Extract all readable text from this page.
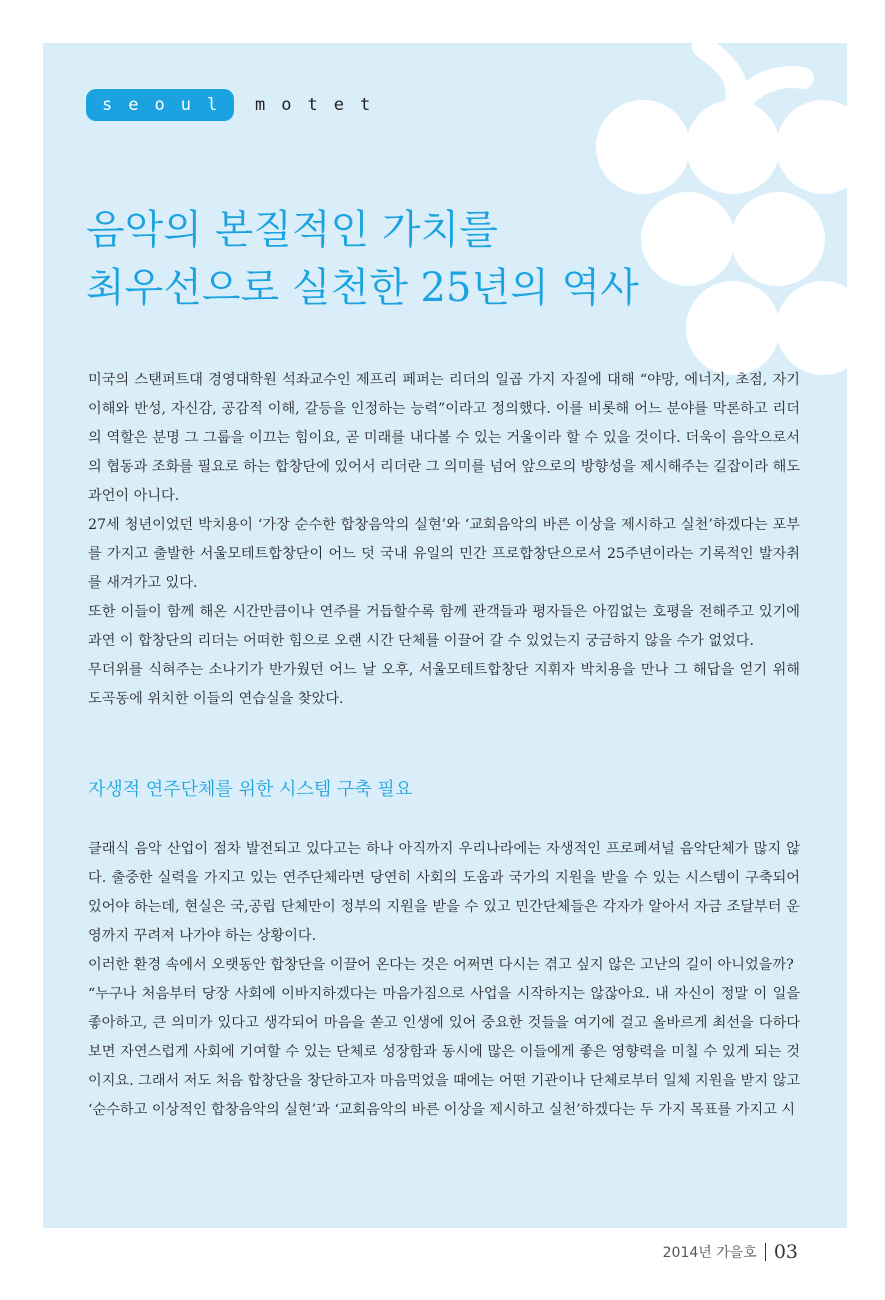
seoul motet
음악의 본질적인 가치를
최우선으로 실천한 25년의 역사

미국의 스탠퍼트대 경영대학원 석좌교수인 제프리 페퍼는 리더의 일곱 가지 자질에 대해 “야망, 에너지, 초점, 자기 이해와 반성, 자신감, 공감적 이해, 갈등을 인정하는 능력”이라고 정의했다. 이를 비롯해 어느 분야를 막론하고 리더의 역할은 분명 그 그룹을 이끄는 힘이요, 곧 미래를 내다볼 수 있는 거울이라 할 수 있을 것이다. 더욱이 음악으로서의 협동과 조화를 필요로 하는 합창단에 있어서 리더란 그 의미를 넘어 앞으로의 방향성을 제시해주는 길잡이라 해도 과언이 아니다.

27세 청년이었던 박치용이 ‘가장 순수한 합창음악의 실현’와 ‘교회음악의 바른 이상을 제시하고 실천’하겠다는 포부를 가지고 출발한 서울모테트합창단이 어느 덧 국내 유일의 민간 프로합창단으로서 25주년이라는 기록적인 발자취를 새겨가고 있다.

또한 이들이 함께 해온 시간만큼이나 연주를 거듭할수록 함께 관객들과 평자들은 아낌없는 호평을 전해주고 있기에 과연 이 합창단의 리더는 어떠한 힘으로 오랜 시간 단체를 이끌어 갈 수 있었는지 궁금하지 않을 수가 없었다.

무더위를 식혀주는 소나기가 반가웠던 어느 날 오후, 서울모테트합창단 지휘자 박치용을 만나 그 해답을 얻기 위해 도곡동에 위치한 이들의 연습실을 찾았다.

자생적 연주단체를 위한 시스템 구축 필요

클래식 음악 산업이 점차 발전되고 있다고는 하나 아직까지 우리나라에는 자생적인 프로페셔널 음악단체가 많지 않다. 출중한 실력을 가지고 있는 연주단체라면 당연히 사회의 도움과 국가의 지원을 받을 수 있는 시스템이 구축되어 있어야 하는데, 현실은 국,공립 단체만이 정부의 지원을 받을 수 있고 민간단체들은 각자가 알아서 자금 조달부터 운영까지 꾸려져 나가야 하는 상황이다.

이러한 환경 속에서 오랫동안 합창단을 이끌어 온다는 것은 어쩌면 다시는 겪고 싶지 않은 고난의 길이 아니었을까?

“누구나 처음부터 당장 사회에 이바지하겠다는 마음가짐으로 사업을 시작하지는 않잖아요. 내 자신이 정말 이 일을 좋아하고, 큰 의미가 있다고 생각되어 마음을 쏟고 인생에 있어 중요한 것들을 여기에 걸고 올바르게 최선을 다하다 보면 자연스럽게 사회에 기여할 수 있는 단체로 성장함과 동시에 많은 이들에게 좋은 영향력을 미칠 수 있게 되는 것이지요. 그래서 저도 처음 합창단을 창단하고자 마음먹었을 때에는 어떤 기관이나 단체로부터 일체 지원을 받지 않고 ‘순수하고 이상적인 합창음악의 실현’과 ‘교회음악의 바른 이상을 제시하고 실천’하겠다는 두 가지 목표를 가지고 시

2014년 가을호 03
